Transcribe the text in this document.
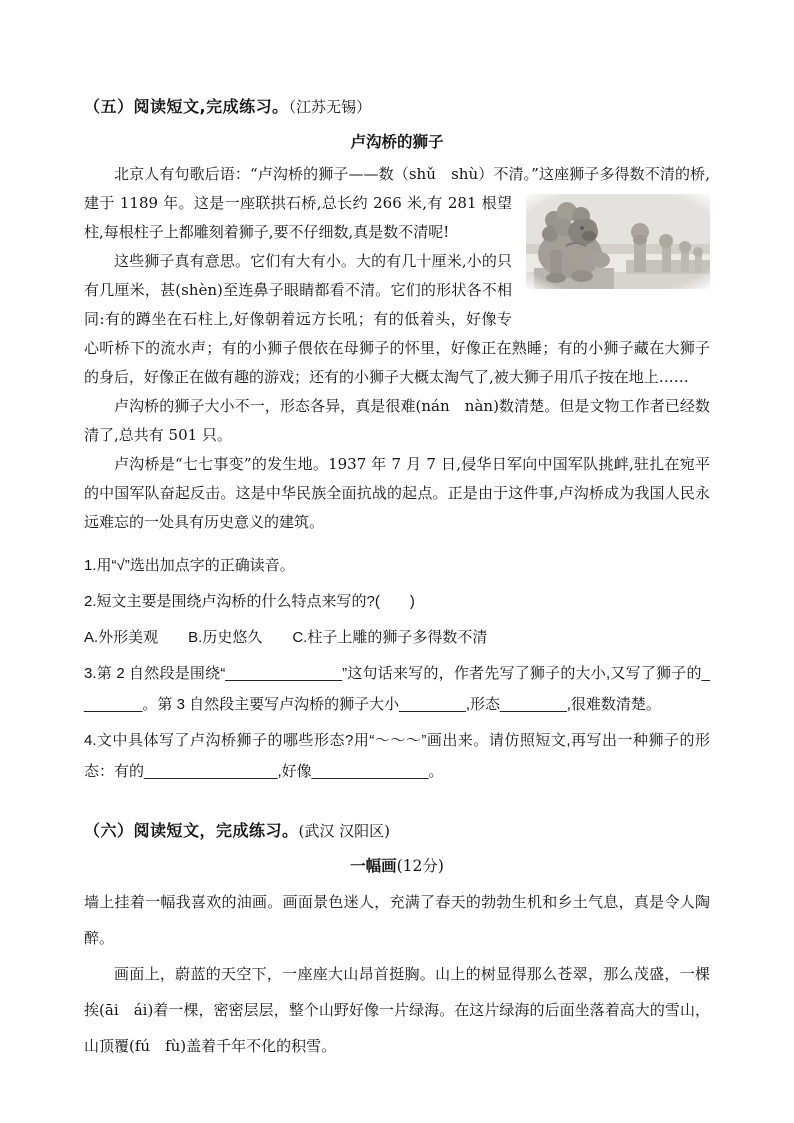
（五）阅读短文,完成练习。（江苏无锡）
卢沟桥的狮子

北京人有句歌后语：“卢沟桥的狮子——数（shǔ　shù）不清。”这座狮子多得数不
清的桥,建于 1189 年。这是一座联拱石桥,总长约 266 米,有 281 根望柱,每根柱子上都雕刻着狮子,要不仔细数,真是数不清呢!

这些狮子真有意思。它们有大有小。大的有几十厘米,小的只有几厘米，甚(shèn)至连鼻子眼睛都看不清。它们的形状各不相同:有的蹲坐在石柱上,好像朝着远方长吼；有的低着头，好像专心听桥下的流水声；有的小狮子偎依在母狮子的怀里，好像正在熟睡；有的小狮子藏在大狮子的身后，好像正在做有趣的游戏；还有的小狮子大概太淘气了,被大狮子用爪子按在地上……

卢沟桥的狮子大小不一，形态各异，真是很难(nán　nàn)数清楚。但是文物工作者已经数清了,总共有 501 只。

卢沟桥是“七七事变”的发生地。1937 年 7 月 7 日,侵华日军向中国军队挑衅,驻扎在宛平的中国军队奋起反击。这是中华民族全面抗战的起点。正是由于这件事,卢沟桥成为我国人民永远难忘的一处具有历史意义的建筑。

1.用“√”选出加点字的正确读音。
2.短文主要是围绕卢沟桥的什么特点来写的?(　　)
A.外形美观　　B.历史悠久　　C.柱子上雕的狮子多得数不清
3.第 2 自然段是围绕“______________”这句话来写的，作者先写了狮子的大小,又写了狮子的________。第 3 自然段主要写卢沟桥的狮子大小________,形态________,很难数清楚。
4.文中具体写了卢沟桥狮子的哪些形态?用“～～～”画出来。请仿照短文,再写出一种狮子的形态：有的________________,好像______________。
（六）阅读短文，完成练习。(武汉 汉阳区)
一幅画(12分)

墙上挂着一幅我喜欢的油画。画面景色迷人，充满了春天的勃勃生机和乡土气息，真是令人陶醉。

画面上，蔚蓝的天空下，一座座大山昂首挺胸。山上的树显得那么苍翠，那么茂盛，一棵挨(āi　ái)着一棵，密密层层，整个山野好像一片绿海。在这片绿海的后面坐落着高大的雪山，山顶覆(fú　fù)盖着千年不化的积雪。
